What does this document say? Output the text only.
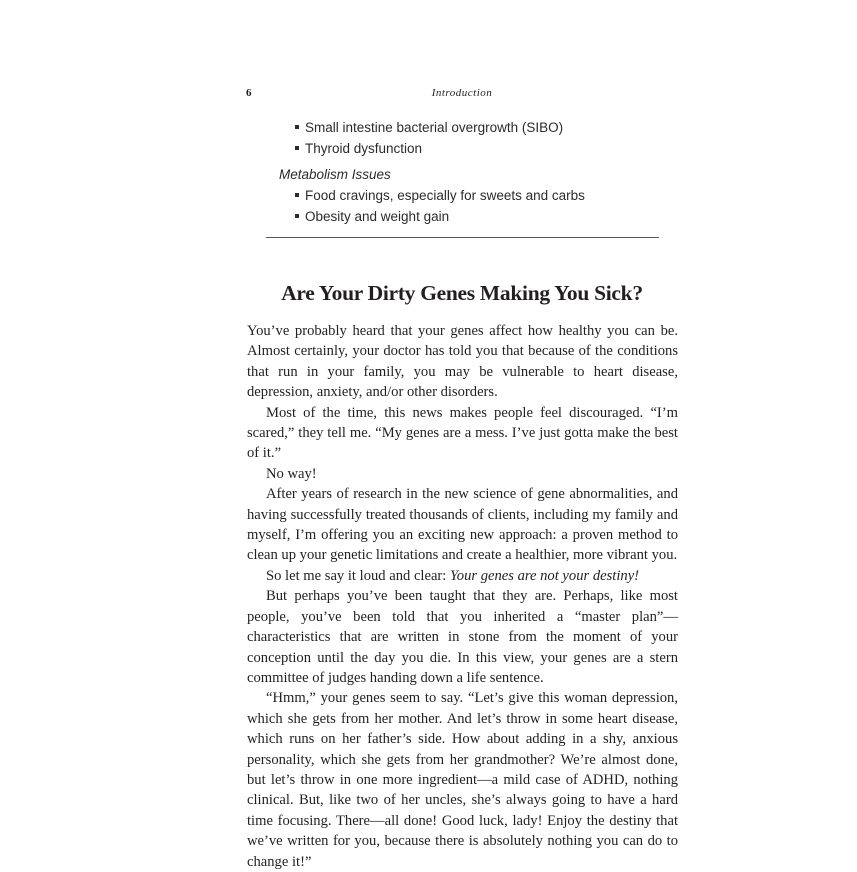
6	Introduction
Small intestine bacterial overgrowth (SIBO)
Thyroid dysfunction
Metabolism Issues
Food cravings, especially for sweets and carbs
Obesity and weight gain
Are Your Dirty Genes Making You Sick?

You’ve probably heard that your genes affect how healthy you can be. Almost certainly, your doctor has told you that because of the conditions that run in your family, you may be vulnerable to heart disease, depression, anxiety, and/or other disorders.

Most of the time, this news makes people feel discouraged. “I’m scared,” they tell me. “My genes are a mess. I’ve just gotta make the best of it.”

No way!

After years of research in the new science of gene abnormalities, and having successfully treated thousands of clients, including my family and myself, I’m offering you an exciting new approach: a proven method to clean up your genetic limitations and create a healthier, more vibrant you.

So let me say it loud and clear: Your genes are not your destiny!

But perhaps you’ve been taught that they are. Perhaps, like most people, you’ve been told that you inherited a “master plan”—characteristics that are written in stone from the moment of your conception until the day you die. In this view, your genes are a stern committee of judges handing down a life sentence.

“Hmm,” your genes seem to say. “Let’s give this woman depression, which she gets from her mother. And let’s throw in some heart disease, which runs on her father’s side. How about adding in a shy, anxious personality, which she gets from her grandmother? We’re almost done, but let’s throw in one more ingredient—a mild case of ADHD, nothing clinical. But, like two of her uncles, she’s always going to have a hard time focusing. There—all done! Good luck, lady! Enjoy the destiny that we’ve written for you, because there is absolutely nothing you can do to change it!”
